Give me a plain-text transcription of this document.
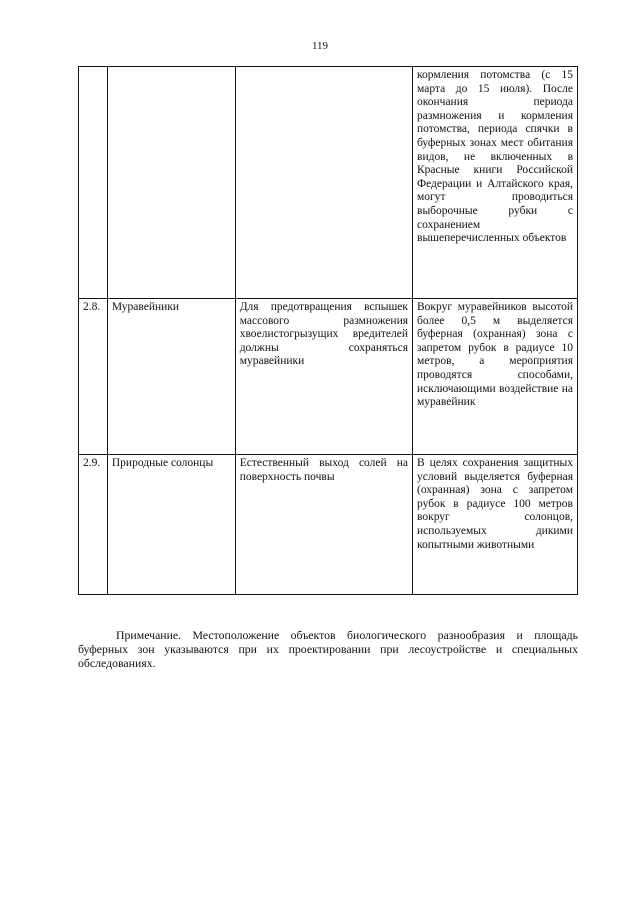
119
			кормления потомства (с 15 марта до 15 июля). После окончания периода размножения и кормления потомства, периода спячки в буферных зонах мест обитания видов, не включенных в Красные книги Российской Федерации и Алтайского края, могут проводиться выборочные рубки с сохранением вышеперечисленных объектов
2.8.	Муравейники	Для предотвращения вспышек массового размножения хвоелистогрызущих вредителей должны сохраняться муравейники	Вокруг муравейников высотой более 0,5 м выделяется буферная (охранная) зона с запретом рубок в радиусе 10 метров, а мероприятия проводятся способами, исключающими воздействие на муравейник
2.9.	Природные солонцы	Естественный выход солей на поверхность почвы	В целях сохранения защитных условий выделяется буферная (охранная) зона с запретом рубок в радиусе 100 метров вокруг солонцов, используемых дикими копытными животными

Примечание. Местоположение объектов биологического разнообразия и площадь буферных зон указываются при их проектировании при лесоустройстве и специальных обследованиях.
